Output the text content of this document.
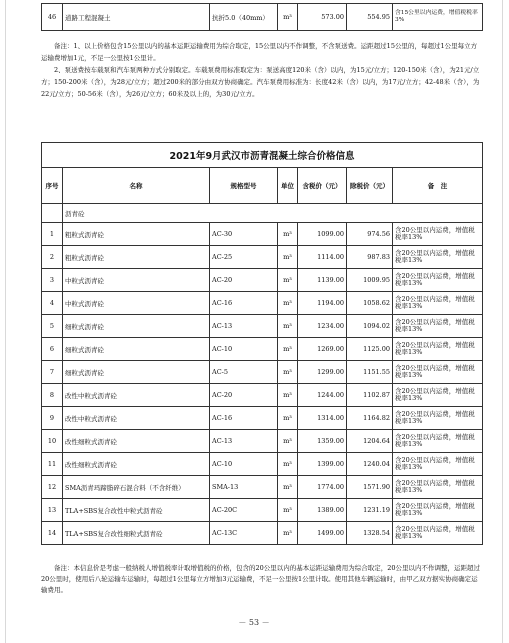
46	道路工程混凝土	抗折5.0（40mm）	m³	573.00	554.95	含15公里以内运费，增值税税率3%

备注：1、以上价格包含15公里以内的基本运距运输费用为综合取定，15公里以内不作调整，不含泵送费。运距超过15公里的，每超过1公里每立方运输费增加1元，不足一公里按1公里计。

2、泵送费按车载泵和汽车泵两种方式分别取定。车载泵费用标准取定为：泵送高度120米（含）以内，为15元/立方；120-150米（含），为21元/立方；150-200米（含），为28元/立方；超过200米的部分由双方协商确定。汽车泵费用标准为：长度42米（含）以内，为17元/立方；42-48米（含），为22元/立方；50-56米（含），为26元/立方；60米及以上的，为30元/立方。

2021年9月武汉市沥青混凝土综合价格信息						
序号	名称	规格型号	单位	含税价（元）	除税价（元）	备　注
	沥青砼					
1	粗粒式沥青砼	AC-30	m³	1099.00	974.56	含20公里以内运费，增值税税率13%
2	粗粒式沥青砼	AC-25	m³	1114.00	987.83	含20公里以内运费，增值税税率13%
3	中粒式沥青砼	AC-20	m³	1139.00	1009.95	含20公里以内运费，增值税税率13%
4	中粒式沥青砼	AC-16	m³	1194.00	1058.62	含20公里以内运费，增值税税率13%
5	细粒式沥青砼	AC-13	m³	1234.00	1094.02	含20公里以内运费，增值税税率13%
6	细粒式沥青砼	AC-10	m³	1269.00	1125.00	含20公里以内运费，增值税税率13%
7	细粒式沥青砼	AC-5	m³	1299.00	1151.55	含20公里以内运费，增值税税率13%
8	改性中粒式沥青砼	AC-20	m³	1244.00	1102.87	含20公里以内运费，增值税税率13%
9	改性中粒式沥青砼	AC-16	m³	1314.00	1164.82	含20公里以内运费，增值税税率13%
10	改性细粒式沥青砼	AC-13	m³	1359.00	1204.64	含20公里以内运费，增值税税率13%
11	改性细粒式沥青砼	AC-10	m³	1399.00	1240.04	含20公里以内运费，增值税税率13%
12	SMA沥青玛蹄脂碎石混合料（不含纤维）	SMA-13	m³	1774.00	1571.90	含20公里以内运费，增值税税率13%
13	TLA+SBS复合改性中粒式沥青砼	AC-20C	m³	1389.00	1231.19	含20公里以内运费，增值税税率13%
14	TLA+SBS复合改性细粒式沥青砼	AC-13C	m³	1499.00	1328.54	含20公里以内运费，增值税税率13%

备注：本信息价是考虑一般纳税人增值税率计取增值税的价格，包含的20公里以内的基本运距运输费用为综合取定，20公里以内不作调整，运距超过20公里时，使用后八轮运输车运输时，每超过1公里每立方增加3元运输费，不足一公里按1公里计取。使用其他车辆运输时，由甲乙双方据实协商确定运输费用。

－ 53 －
